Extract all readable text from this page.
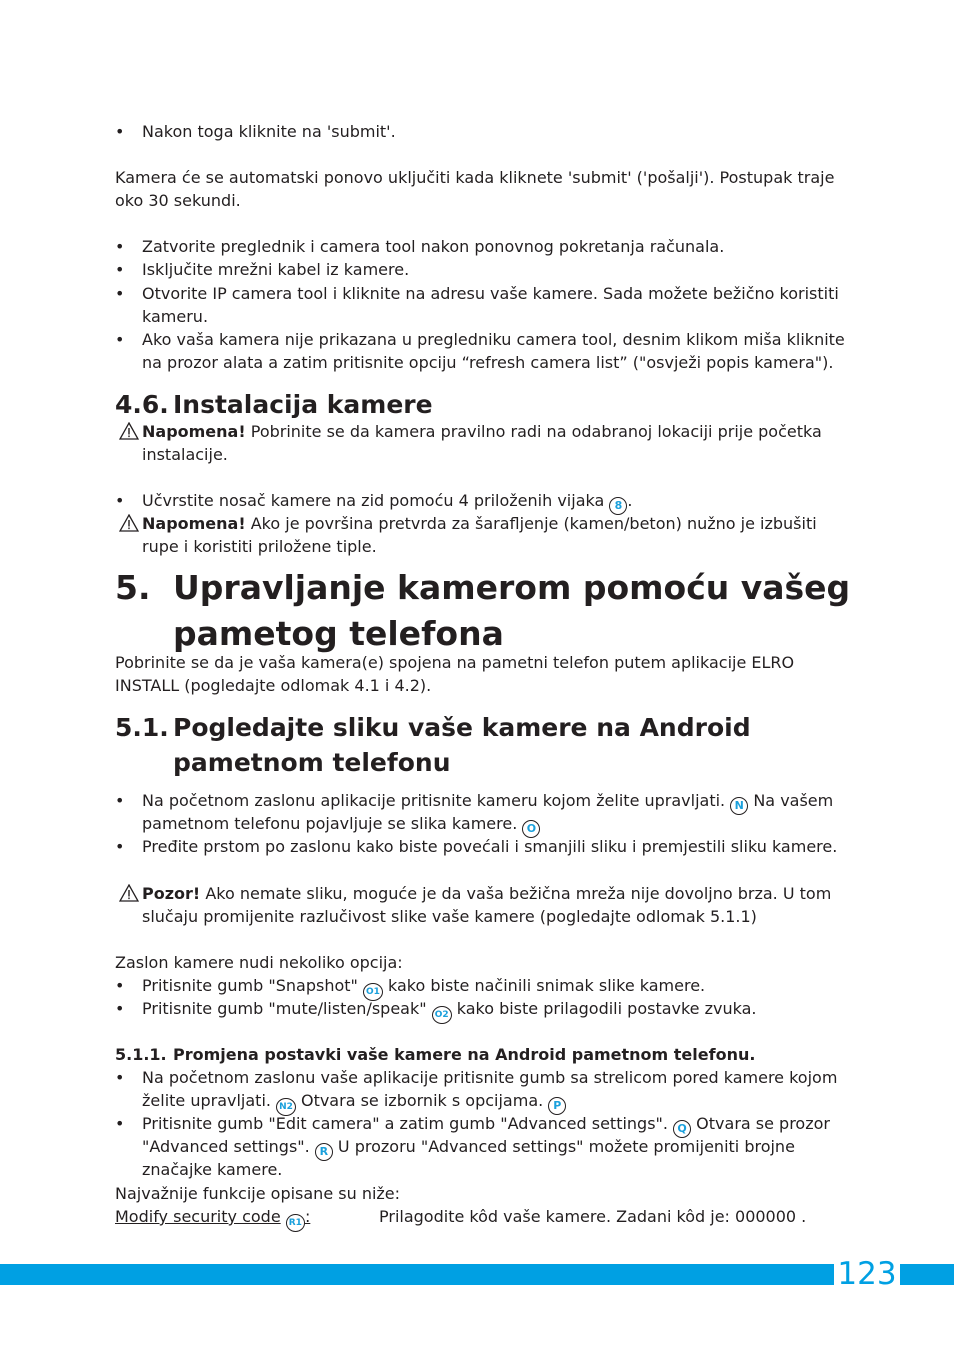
• Nakon toga kliknite na 'submit'.
Kamera će se automatski ponovo uključiti kada kliknete 'submit' ('pošalji'). Postupak traje
oko 30 sekundi.
• Zatvorite preglednik i camera tool nakon ponovnog pokretanja računala.
• Isključite mrežni kabel iz kamere.
• Otvorite IP camera tool i kliknite na adresu vaše kamere. Sada možete bežično koristiti
kameru.
• Ako vaša kamera nije prikazana u pregledniku camera tool, desnim klikom miša kliknite
na prozor alata a zatim pritisnite opciju “refresh camera list” ("osvježi popis kamera").
4.6. Instalacija kamere
Napomena! Pobrinite se da kamera pravilno radi na odabranoj lokaciji prije početka
instalacije.
• Učvrstite nosač kamere na zid pomoću 4 priloženih vijaka 8 .
Napomena! Ako je površina pretvrda za šarafljenje (kamen/beton) nužno je izbušiti
rupe i koristiti priložene tiple.
5. Upravljanje kamerom pomoću vašeg
pametog telefona
Pobrinite se da je vaša kamera(e) spojena na pametni telefon putem aplikacije ELRO
INSTALL (pogledajte odlomak 4.1 i 4.2).
5.1. Pogledajte sliku vaše kamere na Android
pametnom telefonu
• Na početnom zaslonu aplikacije pritisnite kameru kojom želite upravljati. N Na vašem
pametnom telefonu pojavljuje se slika kamere. O
• Pređite prstom po zaslonu kako biste povećali i smanjili sliku i premjestili sliku kamere.
Pozor! Ako nemate sliku, moguće je da vaša bežična mreža nije dovoljno brza. U tom
slučaju promijenite razlučivost slike vaše kamere (pogledajte odlomak 5.1.1)
Zaslon kamere nudi nekoliko opcija:
• Pritisnite gumb "Snapshot" O1 kako biste načinili snimak slike kamere.
• Pritisnite gumb "mute/listen/speak" O2 kako biste prilagodili postavke zvuka.
5.1.1. Promjena postavki vaše kamere na Android pametnom telefonu.
• Na početnom zaslonu vaše aplikacije pritisnite gumb sa strelicom pored kamere kojom
želite upravljati. N2 Otvara se izbornik s opcijama. P
• Pritisnite gumb "Edit camera" a zatim gumb "Advanced settings". Q Otvara se prozor
"Advanced settings". R U prozoru "Advanced settings" možete promijeniti brojne
značajke kamere.
Najvažnije funkcije opisane su niže:
Modify security code R1 :	Prilagodite kôd vaše kamere. Zadani kôd je: 000000 .
123
